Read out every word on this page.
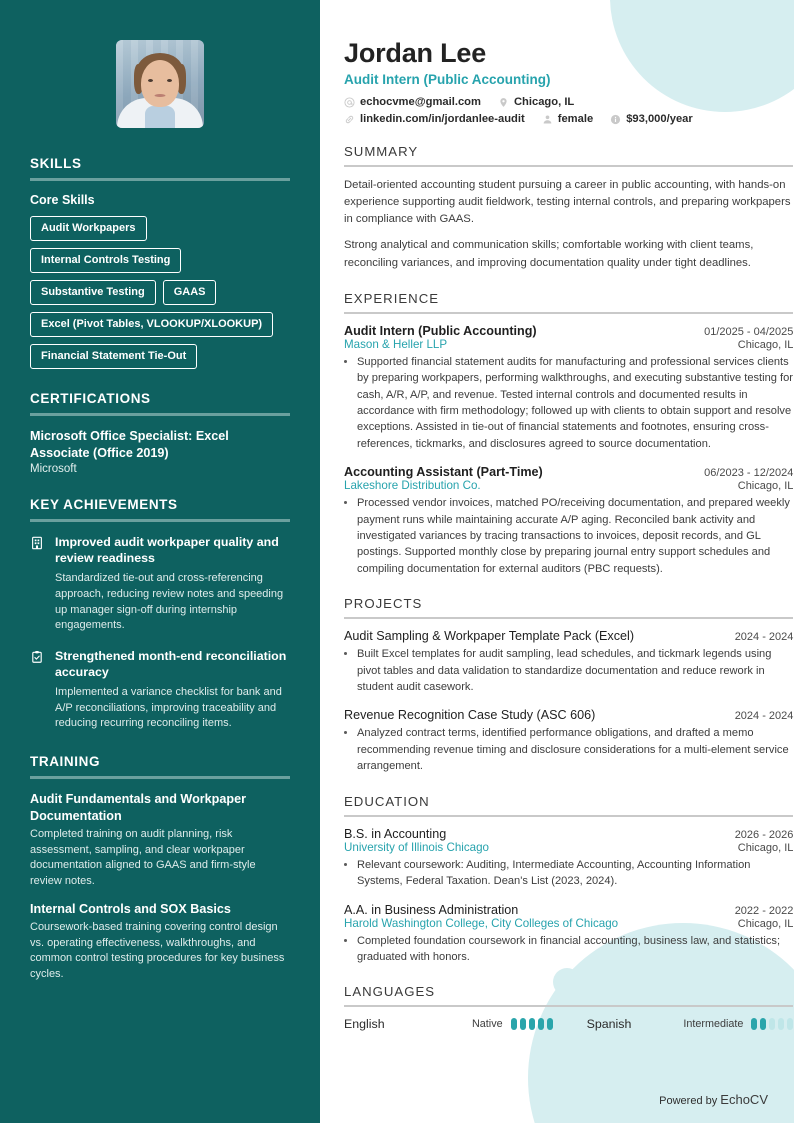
SKILLS
Core Skills
Audit Workpapers
Internal Controls Testing
Substantive Testing	GAAS
Excel (Pivot Tables, VLOOKUP/XLOOKUP)
Financial Statement Tie-Out
CERTIFICATIONS
Microsoft Office Specialist: Excel Associate (Office 2019)
Microsoft
KEY ACHIEVEMENTS
Improved audit workpaper quality and review readiness
Standardized tie-out and cross-referencing approach, reducing review notes and speeding up manager sign-off during internship engagements.
Strengthened month-end reconciliation accuracy
Implemented a variance checklist for bank and A/P reconciliations, improving traceability and reducing recurring reconciling items.
TRAINING
Audit Fundamentals and Workpaper Documentation
Completed training on audit planning, risk assessment, sampling, and clear workpaper documentation aligned to GAAS and firm-style review notes.
Internal Controls and SOX Basics
Coursework-based training covering control design vs. operating effectiveness, walkthroughs, and common control testing procedures for key business cycles.
Jordan Lee
Audit Intern (Public Accounting)
echocvme@gmail.com	Chicago, IL
linkedin.com/in/jordanlee-audit	female	$93,000/year
SUMMARY

Detail-oriented accounting student pursuing a career in public accounting, with hands-on experience supporting audit fieldwork, testing internal controls, and preparing workpapers in compliance with GAAS.

Strong analytical and communication skills; comfortable working with client teams, reconciling variances, and improving documentation quality under tight deadlines.

EXPERIENCE
Audit Intern (Public Accounting)	01/2025 - 04/2025
Mason & Heller LLP	Chicago, IL
• Supported financial statement audits for manufacturing and professional services clients by preparing workpapers, performing walkthroughs, and executing substantive testing for cash, A/R, A/P, and revenue. Tested internal controls and documented results in accordance with firm methodology; followed up with clients to obtain support and resolve exceptions. Assisted in tie-out of financial statements and footnotes, ensuring cross-references, tickmarks, and disclosures agreed to source documentation.
Accounting Assistant (Part-Time)	06/2023 - 12/2024
Lakeshore Distribution Co.	Chicago, IL
• Processed vendor invoices, matched PO/receiving documentation, and prepared weekly payment runs while maintaining accurate A/P aging. Reconciled bank activity and investigated variances by tracing transactions to invoices, deposit records, and GL postings. Supported monthly close by preparing journal entry support schedules and compiling documentation for external auditors (PBC requests).
PROJECTS
Audit Sampling & Workpaper Template Pack (Excel)	2024 - 2024
• Built Excel templates for audit sampling, lead schedules, and tickmark legends using pivot tables and data validation to standardize documentation and reduce rework in student audit casework.
Revenue Recognition Case Study (ASC 606)	2024 - 2024
• Analyzed contract terms, identified performance obligations, and drafted a memo recommending revenue timing and disclosure considerations for a multi-element service arrangement.
EDUCATION
B.S. in Accounting	2026 - 2026
University of Illinois Chicago	Chicago, IL
• Relevant coursework: Auditing, Intermediate Accounting, Accounting Information Systems, Federal Taxation. Dean's List (2023, 2024).
A.A. in Business Administration	2022 - 2022
Harold Washington College, City Colleges of Chicago	Chicago, IL
• Completed foundation coursework in financial accounting, business law, and statistics; graduated with honors.
LANGUAGES
English	Native	Spanish	Intermediate
Powered by EchoCV
